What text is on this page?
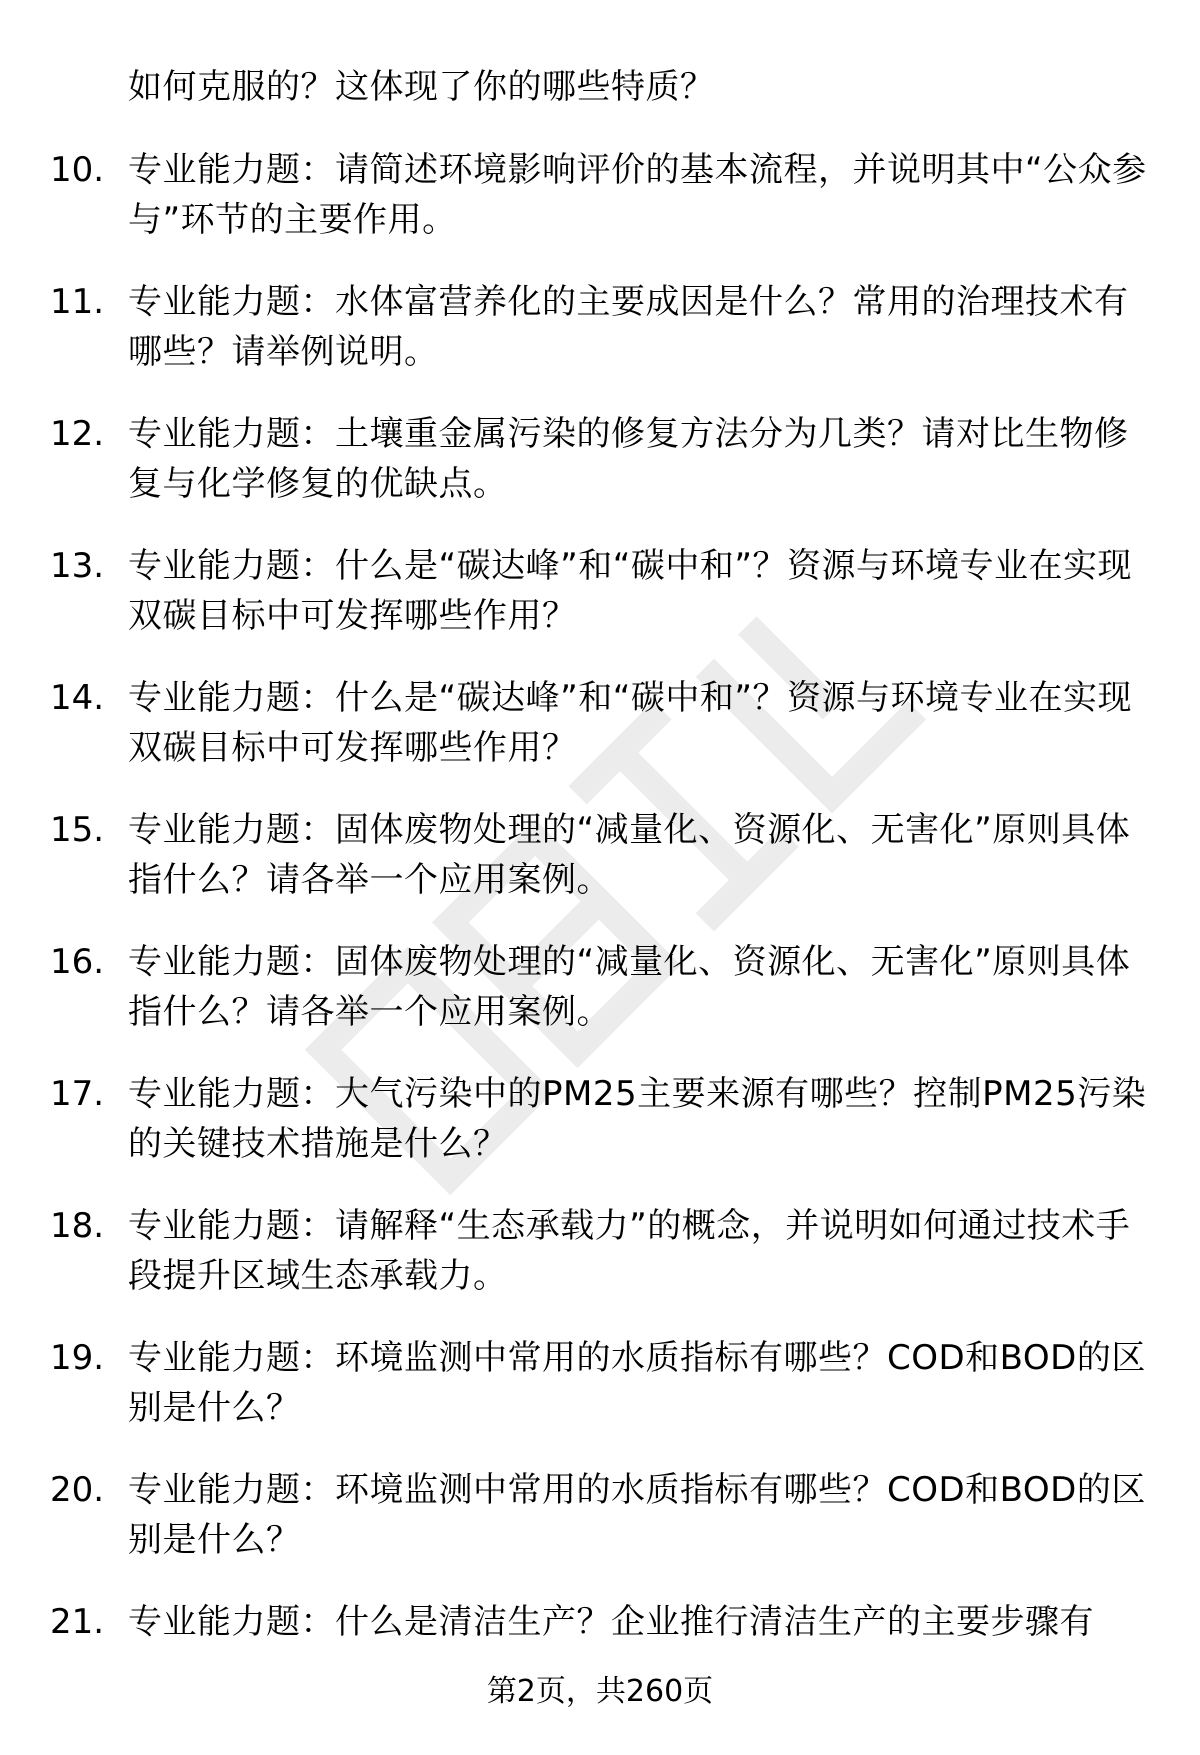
如何克服的？这体现了你的哪些特质？
10. 专业能力题：请简述环境影响评价的基本流程，并说明其中“公众参与”环节的主要作用。
11. 专业能力题：水体富营养化的主要成因是什么？常用的治理技术有哪些？请举例说明。
12. 专业能力题：土壤重金属污染的修复方法分为几类？请对比生物修复与化学修复的优缺点。
13. 专业能力题：什么是“碳达峰”和“碳中和”？资源与环境专业在实现双碳目标中可发挥哪些作用？
14. 专业能力题：什么是“碳达峰”和“碳中和”？资源与环境专业在实现双碳目标中可发挥哪些作用？
15. 专业能力题：固体废物处理的“减量化、资源化、无害化”原则具体指什么？请各举一个应用案例。
16. 专业能力题：固体废物处理的“减量化、资源化、无害化”原则具体指什么？请各举一个应用案例。
17. 专业能力题：大气污染中的PM25主要来源有哪些？控制PM25污染的关键技术措施是什么？
18. 专业能力题：请解释“生态承载力”的概念，并说明如何通过技术手段提升区域生态承载力。
19. 专业能力题：环境监测中常用的水质指标有哪些？COD和BOD的区别是什么？
20. 专业能力题：环境监测中常用的水质指标有哪些？COD和BOD的区别是什么？
21. 专业能力题：什么是清洁生产？企业推行清洁生产的主要步骤有
第2页，共260页
